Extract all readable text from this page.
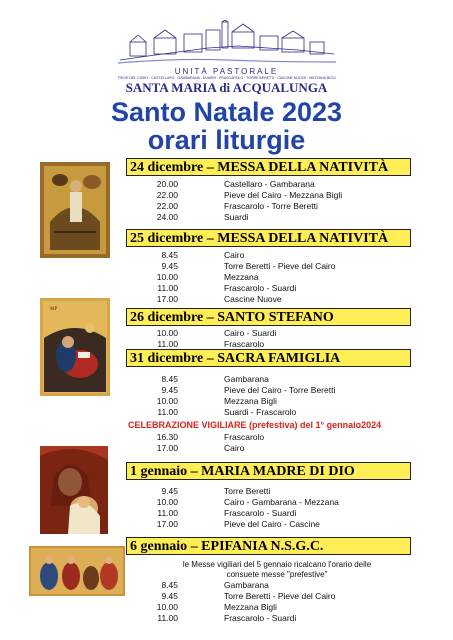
UNITÀ PASTORALE
PIEVE DEL CAIRO · CASTELLARO · GAMBARANA · SUARDI · FRASCAROLO · TORRE BERETTI · CASCINE NUOVE · MEZZANA BIGLI
SANTA MARIA di ACQUALUNGA
Santo Natale 2023
orari liturgie
ΜΡ
24 dicembre – MESSA DELLA NATIVITÀ
20.00	Castellaro - Gambarana
22.00	Pieve del Cairo - Mezzana Bigli
22.00	Frascarolo - Torre Beretti
24.00	Suardi
25 dicembre – MESSA DELLA NATIVITÀ
8.45	Cairo
9.45	Torre Beretti - Pieve del Cairo
10.00	Mezzana
11.00	Frascarolo - Suardi
17.00	Cascine Nuove
26 dicembre – SANTO STEFANO
10.00	Cairo - Suardi
11.00	Frascarolo
31 dicembre – SACRA FAMIGLIA
8.45	Gambarana
9.45	Pieve del Cairo - Torre Beretti
10.00	Mezzana Bigli
11.00	Suardi - Frascarolo
CELEBRAZIONE VIGILIARE (prefestiva) del 1° gennaio2024
16.30	Frascarolo
17.00	Cairo
1 gennaio – MARIA MADRE DI DIO
9.45	Torre Beretti
10.00	Cairo - Gambarana - Mezzana
11.00	Frascarolo - Suardi
17.00	Pieve del Cairo - Cascine
6 gennaio – EPIFANIA N.S.G.C.
le Messe vigiliari del 5 gennaio ricalcano l'orario delle
consuete messe "prefestive"
8.45	Gambarana
9.45	Torre Beretti - Pieve del Cairo
10.00	Mezzana Bigli
11.00	Frascarolo - Suardi
